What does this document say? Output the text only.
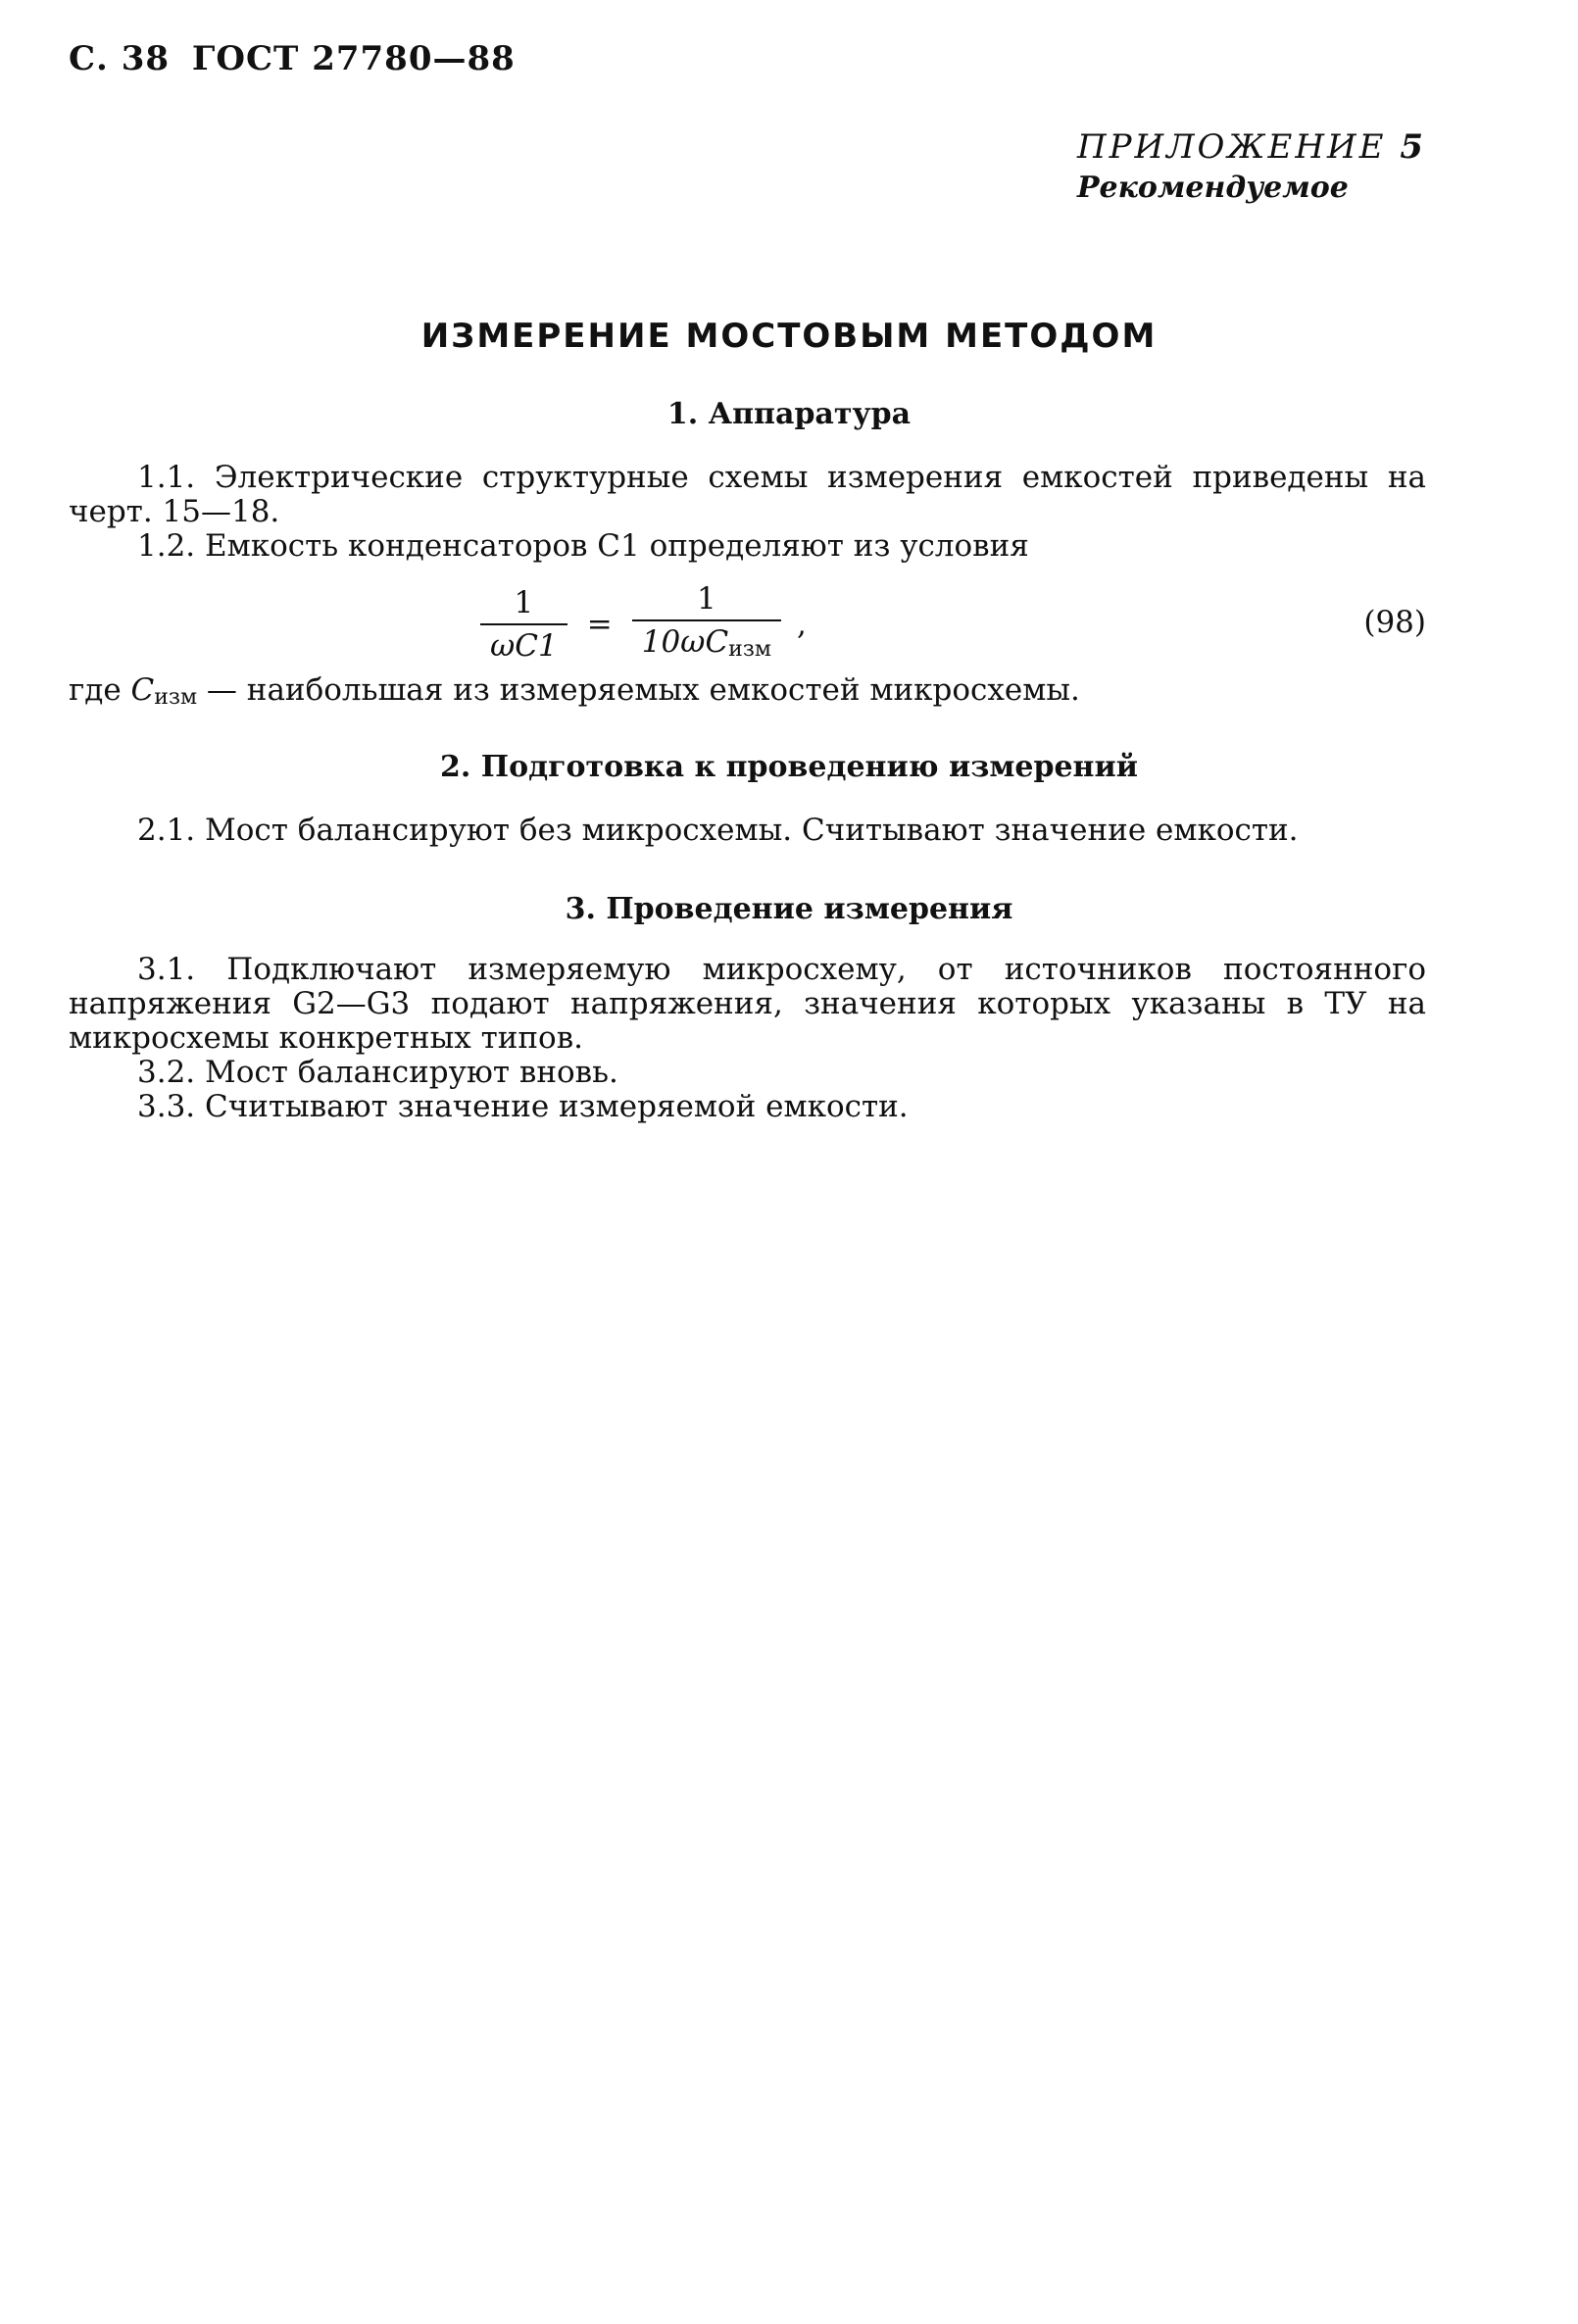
С. 38 ГОСТ 27780—88
ПРИЛОЖЕНИЕ 5
Рекомендуемое
ИЗМЕРЕНИЕ МОСТОВЫМ МЕТОДОМ
1. Аппаратура
1.1. Электрические структурные схемы измерения емкостей приведены на черт. 15—18.
1.2. Емкость конденсаторов С1 определяют из условия
$\frac{1}{\omega C1} = \frac{1}{\text{10ωCизм}}$ ,	(98)
где Cизм — наибольшая из измеряемых емкостей микросхемы.
2. Подготовка к проведению измерений
2.1. Мост балансируют без микросхемы. Считывают значение емкости.
3. Проведение измерения
3.1. Подключают измеряемую микросхему, от источников постоянного напряжения G2—G3 подают напряжения, значения которых указаны в ТУ на микросхемы конкретных типов.
3.2. Мост балансируют вновь.
3.3. Считывают значение измеряемой емкости.
